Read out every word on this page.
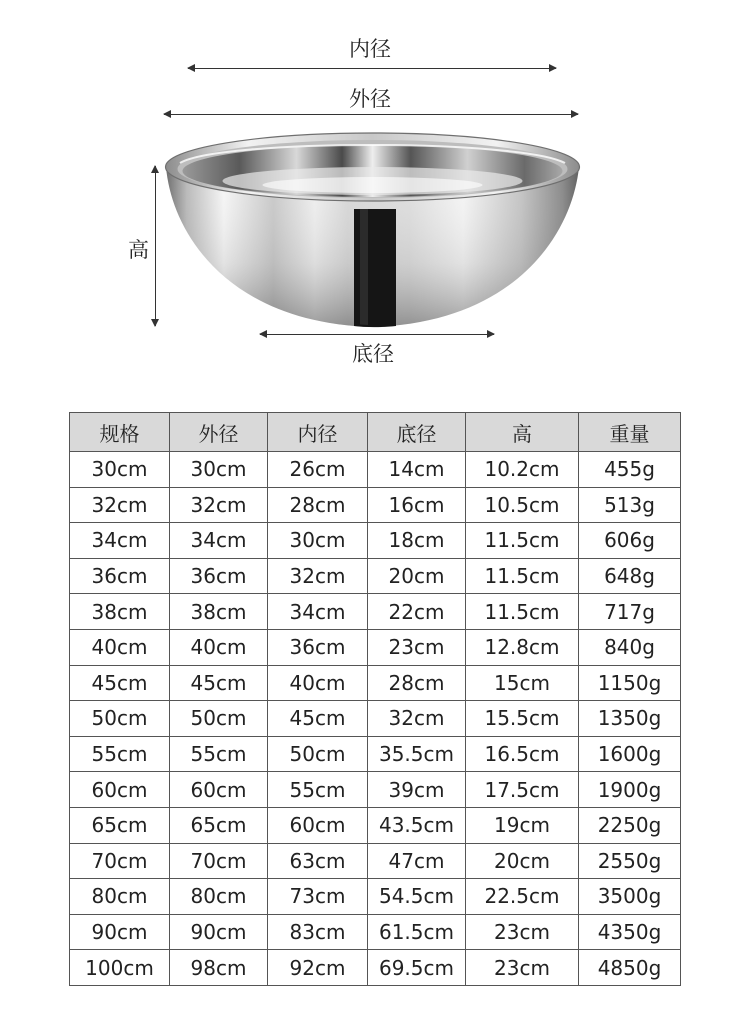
内径
外径
高
底径
规格	外径	内径	底径	高	重量
30cm	30cm	26cm	14cm	10.2cm	455g
32cm	32cm	28cm	16cm	10.5cm	513g
34cm	34cm	30cm	18cm	11.5cm	606g
36cm	36cm	32cm	20cm	11.5cm	648g
38cm	38cm	34cm	22cm	11.5cm	717g
40cm	40cm	36cm	23cm	12.8cm	840g
45cm	45cm	40cm	28cm	15cm	1150g
50cm	50cm	45cm	32cm	15.5cm	1350g
55cm	55cm	50cm	35.5cm	16.5cm	1600g
60cm	60cm	55cm	39cm	17.5cm	1900g
65cm	65cm	60cm	43.5cm	19cm	2250g
70cm	70cm	63cm	47cm	20cm	2550g
80cm	80cm	73cm	54.5cm	22.5cm	3500g
90cm	90cm	83cm	61.5cm	23cm	4350g
100cm	98cm	92cm	69.5cm	23cm	4850g
